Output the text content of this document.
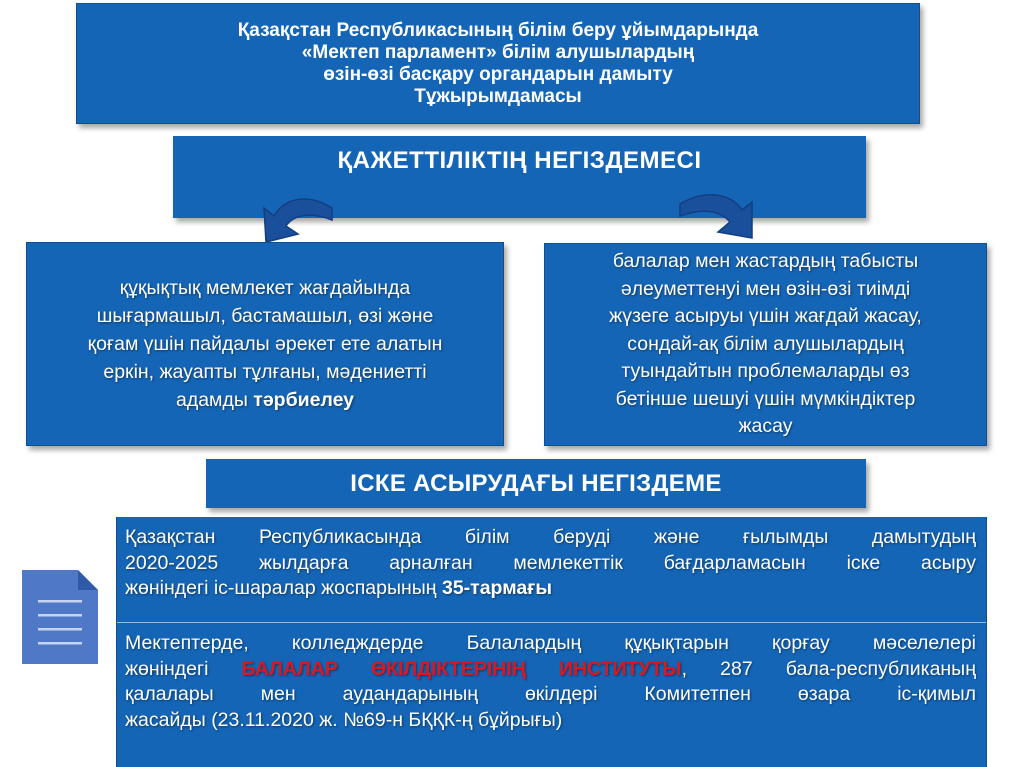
Қазақстан Республикасының білім беру ұйымдарында
«Мектеп парламент» білім алушылардың
өзін-өзі басқару органдарын дамыту
Тұжырымдамасы
ҚАЖЕТТІЛІКТІҢ НЕГІЗДЕМЕСІ
құқықтық мемлекет жағдайында
шығармашыл, бастамашыл, өзі және
қоғам үшін пайдалы әрекет ете алатын
еркін, жауапты тұлғаны, мәдениетті
адамды тәрбиелеу
балалар мен жастардың табысты
әлеуметтенуі мен өзін-өзі тиімді
жүзеге асыруы үшін жағдай жасау,
сондай-ақ білім алушылардың
туындайтын проблемаларды өз
бетінше шешуі үшін мүмкіндіктер
жасау
ІСКЕ АСЫРУДАҒЫ НЕГІЗДЕМЕ
Қазақстан Республикасында білім беруді және ғылымды дамытудың
2020-2025 жылдарға арналған мемлекеттік бағдарламасын іске асыру
жөніндегі іс-шаралар жоспарының 35-тармағы
Мектептерде, колледждерде Балалардың құқықтарын қорғау мәселелері
жөніндегі БАЛАЛАР ӨКІЛДІКТЕРІНІҢ ИНСТИТУТЫ, 287 бала-республиканың
қалалары мен аудандарының өкілдері Комитетпен өзара іс-қимыл
жасайды (23.11.2020 ж. №69-н БҚҚК-ң бұйрығы)
